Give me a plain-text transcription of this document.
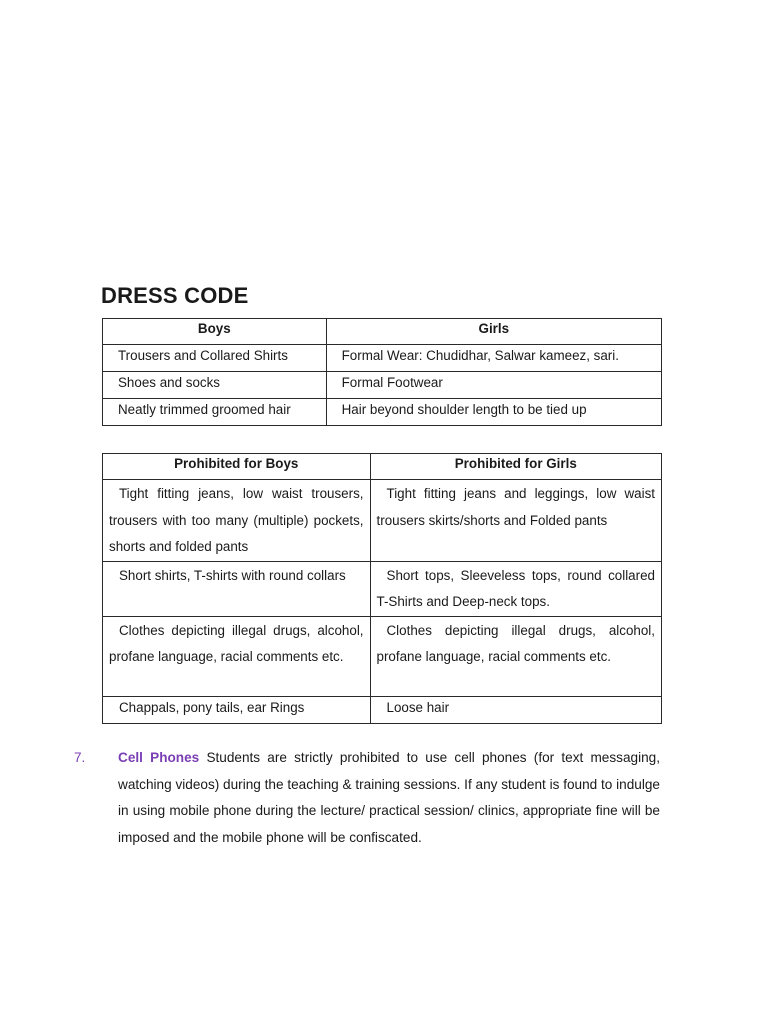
DRESS CODE
Boys	Girls
Trousers and Collared Shirts	Formal Wear: Chudidhar, Salwar kameez, sari.
Shoes and socks	Formal Footwear
Neatly trimmed groomed hair	Hair beyond shoulder length to be tied up
Prohibited for Boys	Prohibited for Girls
Tight fitting jeans, low waist trousers, trousers with too many (multiple) pockets, shorts and folded pants	Tight fitting jeans and leggings, low waist trousers skirts/shorts and Folded pants
Short shirts, T-shirts with round collars	Short tops, Sleeveless tops, round collared T-Shirts and Deep-neck tops.
Clothes depicting illegal drugs, alcohol, profane language, racial comments etc.	Clothes depicting illegal drugs, alcohol, profane language, racial comments etc.
Chappals, pony tails, ear Rings	Loose hair
7. Cell Phones Students are strictly prohibited to use cell phones (for text messaging, watching videos) during the teaching & training sessions. If any student is found to indulge in using mobile phone during the lecture/ practical session/ clinics, appropriate fine will be imposed and the mobile phone will be confiscated.
